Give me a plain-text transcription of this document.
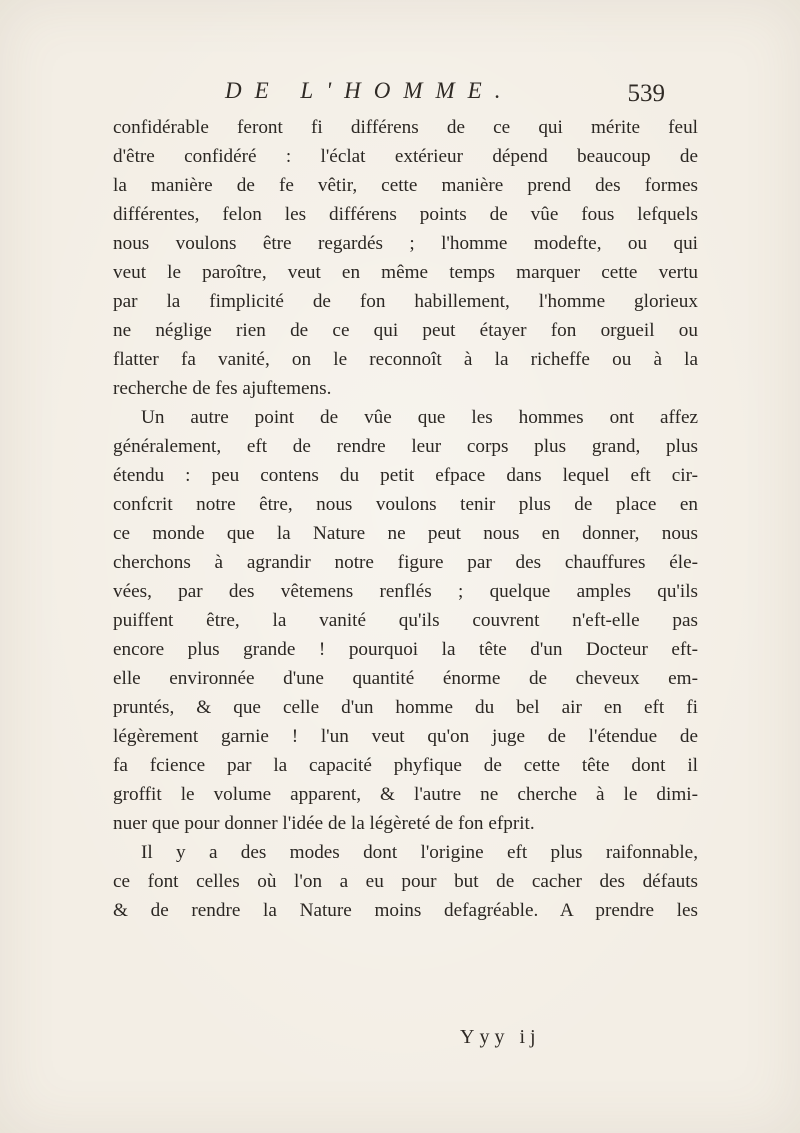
DE L'HOMME.	539
confidérable feront fi différens de ce qui mérite feul
d'être confidéré : l'éclat extérieur dépend beaucoup de
la manière de fe vêtir, cette manière prend des formes
différentes, felon les différens points de vûe fous lefquels
nous voulons être regardés ; l'homme modefte, ou qui
veut le paroître, veut en même temps marquer cette vertu
par la fimplicité de fon habillement, l'homme glorieux
ne néglige rien de ce qui peut étayer fon orgueil ou
flatter fa vanité, on le reconnoît à la richeffe ou à la
recherche de fes ajuftemens.
Un autre point de vûe que les hommes ont affez
généralement, eft de rendre leur corps plus grand, plus
étendu : peu contens du petit efpace dans lequel eft cir-
confcrit notre être, nous voulons tenir plus de place en
ce monde que la Nature ne peut nous en donner, nous
cherchons à agrandir notre figure par des chauffures éle-
vées, par des vêtemens renflés ; quelque amples qu'ils
puiffent être, la vanité qu'ils couvrent n'eft-elle pas
encore plus grande ! pourquoi la tête d'un Docteur eft-
elle environnée d'une quantité énorme de cheveux em-
pruntés, & que celle d'un homme du bel air en eft fi
légèrement garnie ! l'un veut qu'on juge de l'étendue de
fa fcience par la capacité phyfique de cette tête dont il
groffit le volume apparent, & l'autre ne cherche à le dimi-
nuer que pour donner l'idée de la légèreté de fon efprit.
Il y a des modes dont l'origine eft plus raifonnable,
ce font celles où l'on a eu pour but de cacher des défauts
& de rendre la Nature moins defagréable. A prendre les
Yyy ij
